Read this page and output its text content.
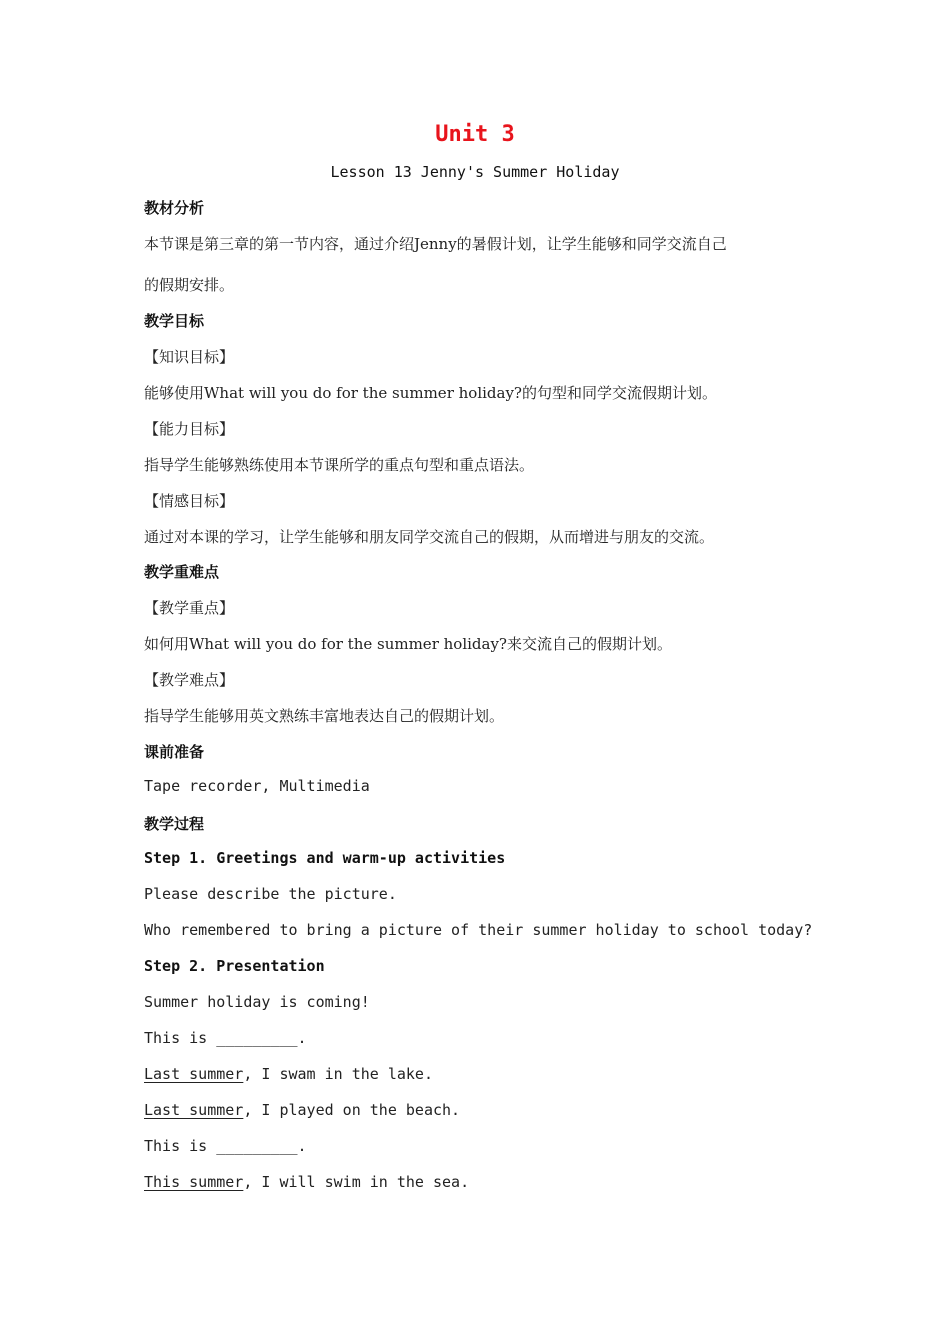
Unit 3
Lesson 13 Jenny's Summer Holiday
教材分析
本节课是第三章的第一节内容，通过介绍Jenny的暑假计划，让学生能够和同学交流自己
的假期安排。
教学目标
【知识目标】
能够使用What will you do for the summer holiday?的句型和同学交流假期计划。
【能力目标】
指导学生能够熟练使用本节课所学的重点句型和重点语法。
【情感目标】
通过对本课的学习，让学生能够和朋友同学交流自己的假期，从而增进与朋友的交流。
教学重难点
【教学重点】
如何用What will you do for the summer holiday?来交流自己的假期计划。
【教学难点】
指导学生能够用英文熟练丰富地表达自己的假期计划。
课前准备
Tape recorder, Multimedia
教学过程
Step 1. Greetings and warm-up activities
Please describe the picture.
Who remembered to bring a picture of their summer holiday to school today?
Step 2. Presentation
Summer holiday is coming!
This is _________.
Last summer, I swam in the lake.
Last summer, I played on the beach.
This is _________.
This summer, I will swim in the sea.
